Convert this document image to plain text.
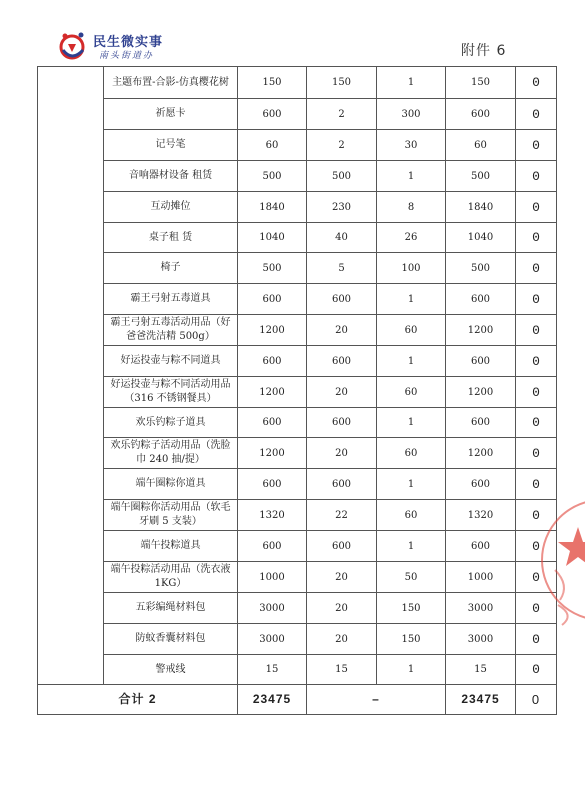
民生微实事
南头街道办	附件 6
	主题布置-合影-仿真樱花树	150	150	1	150	0
	祈愿卡	600	2	300	600	0
	记号笔	60	2	30	60	0
	音响器材设备 租赁	500	500	1	500	0
	互动摊位	1840	230	8	1840	0
	桌子租 赁	1040	40	26	1040	0
	椅子	500	5	100	500	0
	霸王弓射五毒道具	600	600	1	600	0
	霸王弓射五毒活动用品（好爸爸洗洁精 500g）	1200	20	60	1200	0
	好运投壶与粽不同道具	600	600	1	600	0
	好运投壶与粽不同活动用品（316 不锈钢餐具）	1200	20	60	1200	0
	欢乐钓粽子道具	600	600	1	600	0
	欢乐钓粽子活动用品（洗脸巾 240 抽/提）	1200	20	60	1200	0
	端午圈粽你道具	600	600	1	600	0
	端午圈粽你活动用品（软毛牙刷 5 支装）	1320	22	60	1320	0
	端午投粽道具	600	600	1	600	0
	端午投粽活动用品（洗衣液 1KG）	1000	20	50	1000	0
	五彩编绳材料包	3000	20	150	3000	0
	防蚊香囊材料包	3000	20	150	3000	0
	警戒线	15	15	1	15	0
合计 2		23475	–		23475	0
